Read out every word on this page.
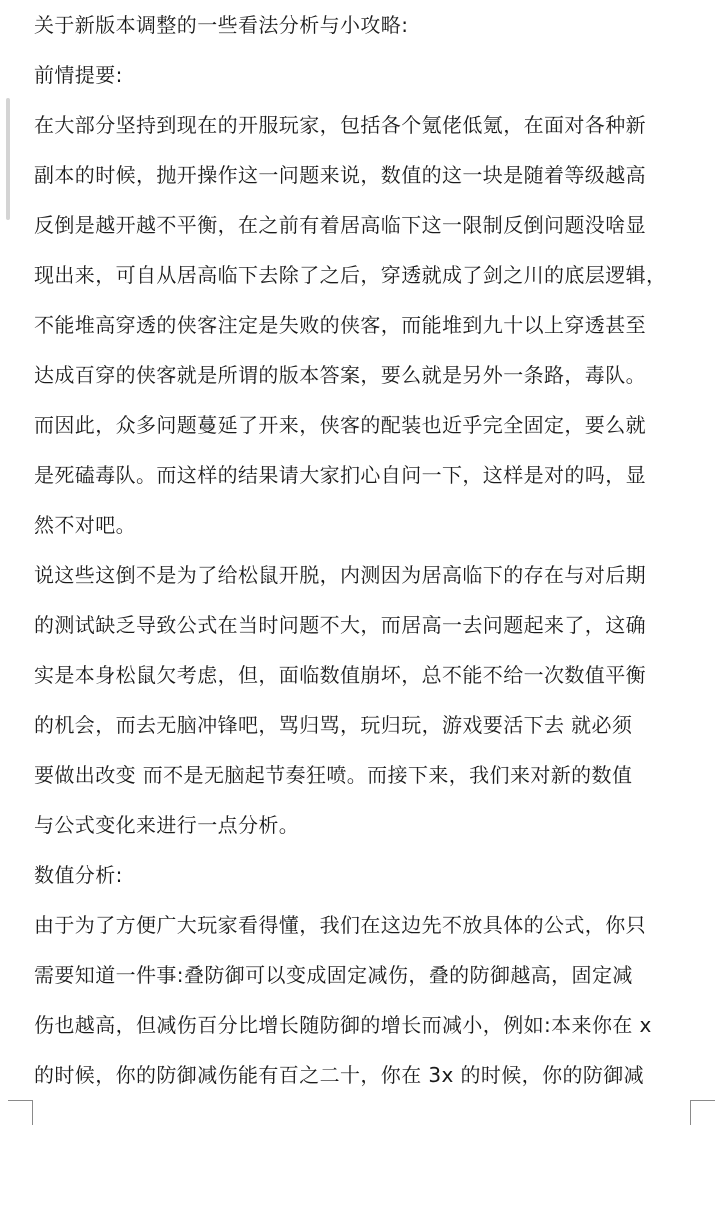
关于新版本调整的一些看法分析与小攻略:
前情提要:
在大部分坚持到现在的开服玩家，包括各个氪佬低氪，在面对各种新
副本的时候，抛开操作这一问题来说，数值的这一块是随着等级越高
反倒是越开越不平衡，在之前有着居高临下这一限制反倒问题没啥显
现出来，可自从居高临下去除了之后，穿透就成了剑之川的底层逻辑，
不能堆高穿透的侠客注定是失败的侠客，而能堆到九十以上穿透甚至
达成百穿的侠客就是所谓的版本答案，要么就是另外一条路，毒队。
而因此，众多问题蔓延了开来，侠客的配装也近乎完全固定，要么就
是死磕毒队。而这样的结果请大家扪心自问一下，这样是对的吗，显
然不对吧。
说这些这倒不是为了给松鼠开脱，内测因为居高临下的存在与对后期
的测试缺乏导致公式在当时问题不大，而居高一去问题起来了，这确
实是本身松鼠欠考虑，但，面临数值崩坏，总不能不给一次数值平衡
的机会，而去无脑冲锋吧，骂归骂，玩归玩，游戏要活下去 就必须
要做出改变 而不是无脑起节奏狂喷。而接下来，我们来对新的数值
与公式变化来进行一点分析。
数值分析:
由于为了方便广大玩家看得懂，我们在这边先不放具体的公式，你只
需要知道一件事:叠防御可以变成固定减伤，叠的防御越高，固定减
伤也越高，但减伤百分比增长随防御的增长而减小，例如:本来你在 x
的时候，你的防御减伤能有百之二十，你在 3x 的时候，你的防御减
